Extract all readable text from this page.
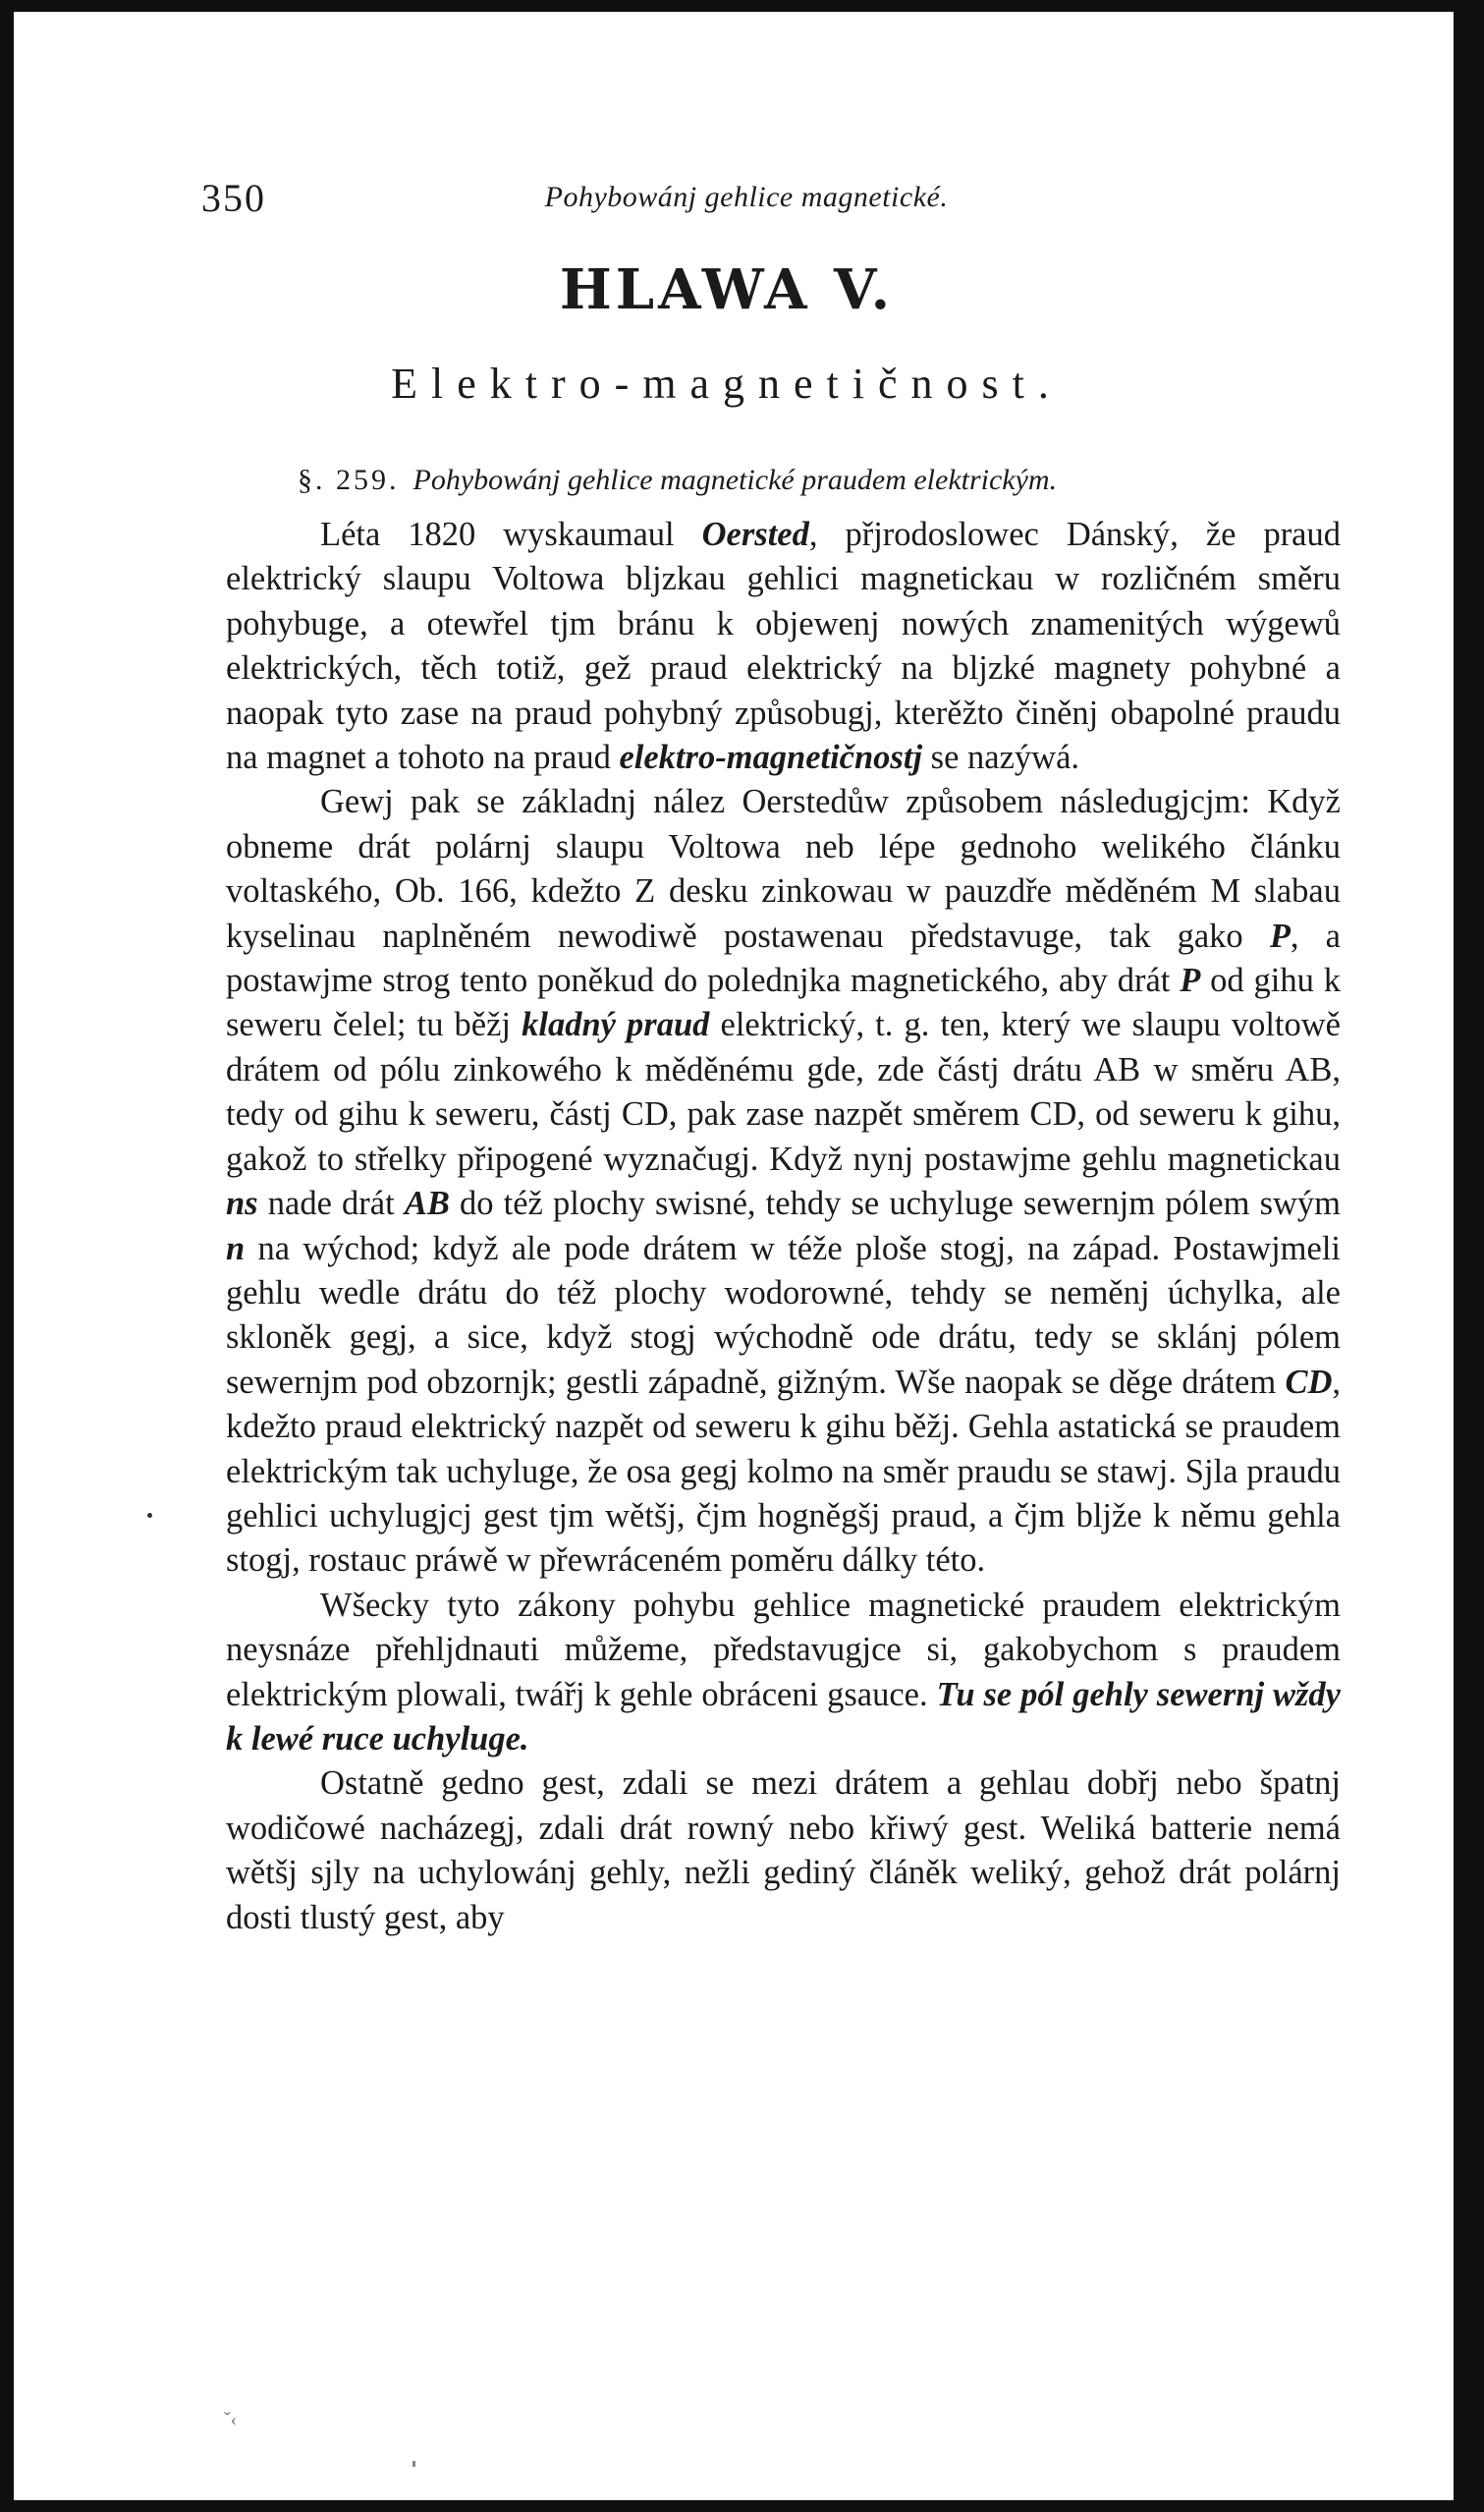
350	Pohybowánj gehlice magnetické.
HLAWA V.
Elektro-magnetičnost.
§. 259. Pohybowánj gehlice magnetické praudem elektrickým.

Léta 1820 wyskaumaul Oersted, přjrodoslowec Dánský, že praud elektrický slaupu Voltowa bljzkau gehlici magnetickau w rozličném směru pohybuge, a otewřel tjm bránu k objewenj nowých znamenitých wýgewů elektrických, těch totiž, gež praud elektrický na bljzké magnety pohybné a naopak tyto zase na praud pohybný způsobugj, kterěžto činěnj obapolné praudu na magnet a tohoto na praud elektro-magnetičnostj se nazýwá.

Gewj pak se základnj nález Oerstedůw způsobem následugjcjm: Když obneme drát polárnj slaupu Voltowa neb lépe gednoho welikého článku voltaského, Ob. 166, kdežto Z desku zinkowau w pauzdře měděném M slabau kyselinau naplněném newodiwě postawenau představuge, tak gako P, a postawjme strog tento poněkud do polednjka magnetického, aby drát P od gihu k seweru čelel; tu běžj kladný praud elektrický, t. g. ten, který we slaupu voltowě drátem od pólu zinkowého k měděnému gde, zde částj drátu AB w směru AB, tedy od gihu k seweru, částj CD, pak zase nazpět směrem CD, od seweru k gihu, gakož to střelky připogené wyznačugj. Když nynj postawjme gehlu magnetickau ns nade drát AB do též plochy swisné, tehdy se uchyluge sewernjm pólem swým n na wýchod; když ale pode drátem w téže ploše stogj, na západ. Postawjmeli gehlu wedle drátu do též plochy wodorowné, tehdy se neměnj úchylka, ale skloněk gegj, a sice, když stogj wýchodně ode drátu, tedy se sklánj pólem sewernjm pod obzornjk; gestli západně, gižným. Wše naopak se děge drátem CD, kdežto praud elektrický nazpět od seweru k gihu běžj. Gehla astatická se praudem elektrickým tak uchyluge, že osa gegj kolmo na směr praudu se stawj. Sjla praudu gehlici uchylugjcj gest tjm wětšj, čjm hogněgšj praud, a čjm bljže k němu gehla stogj, rostauc práwě w přewráceném poměru dálky této.

Wšecky tyto zákony pohybu gehlice magnetické praudem elektrickým neysnáze přehljdnauti můžeme, představugjce si, gakobychom s praudem elektrickým plowali, twářj k gehle obráceni gsauce. Tu se pól gehly sewernj wždy k lewé ruce uchyluge.

Ostatně gedno gest, zdali se mezi drátem a gehlau dobřj nebo špatnj wodičowé nacházegj, zdali drát rowný nebo křiwý gest. Weliká batterie nemá wětšj sjly na uchylowánj gehly, nežli gediný článěk weliký, gehož drát polárnj dosti tlustý gest, aby

ˇ‹
